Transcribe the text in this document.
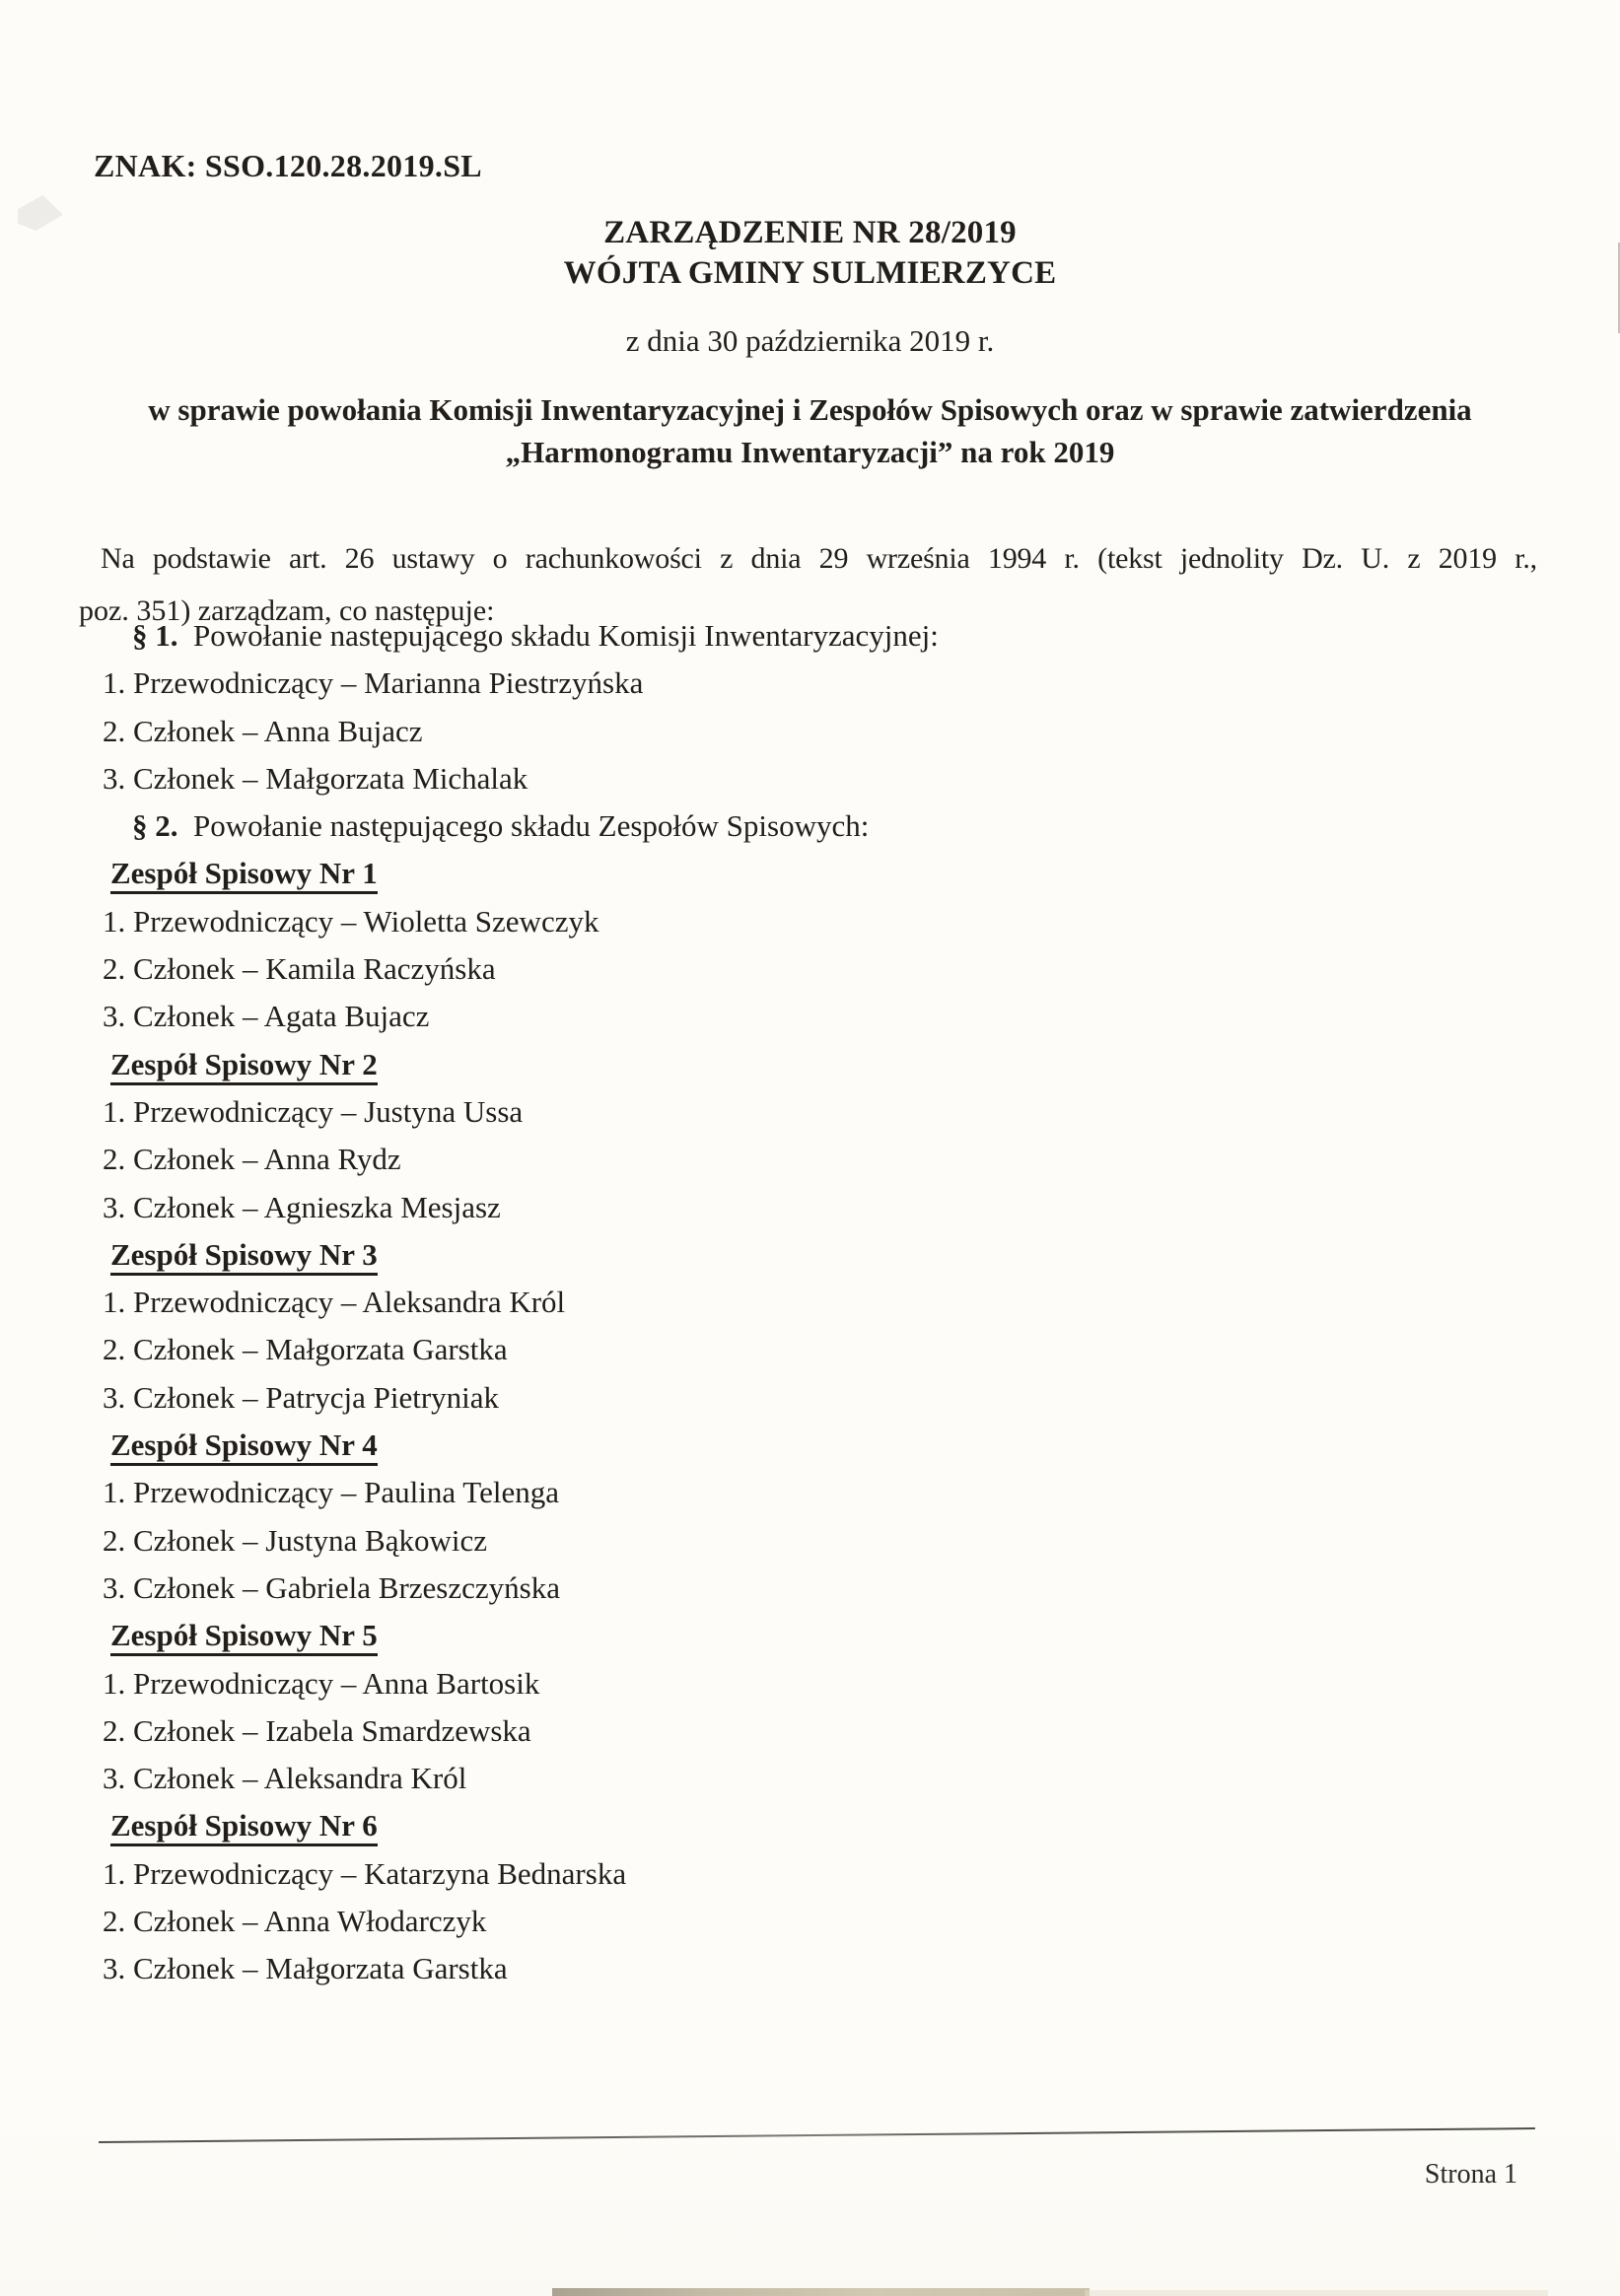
ZNAK: SSO.120.28.2019.SL
ZARZĄDZENIE NR 28/2019
WÓJTA GMINY SULMIERZYCE
z dnia 30 października 2019 r.
w sprawie powołania Komisji Inwentaryzacyjnej i Zespołów Spisowych oraz w sprawie zatwierdzenia
„Harmonogramu Inwentaryzacji” na rok 2019
Na podstawie art. 26 ustawy o rachunkowości z dnia 29 września 1994 r. (tekst jednolity Dz. U. z 2019 r.,
poz. 351) zarządzam, co następuje:
§ 1. Powołanie następującego składu Komisji Inwentaryzacyjnej:
1. Przewodniczący – Marianna Piestrzyńska
2. Członek – Anna Bujacz
3. Członek – Małgorzata Michalak
§ 2. Powołanie następującego składu Zespołów Spisowych:
Zespół Spisowy Nr 1
1. Przewodniczący – Wioletta Szewczyk
2. Członek – Kamila Raczyńska
3. Członek – Agata Bujacz
Zespół Spisowy Nr 2
1. Przewodniczący – Justyna Ussa
2. Członek – Anna Rydz
3. Członek – Agnieszka Mesjasz
Zespół Spisowy Nr 3
1. Przewodniczący – Aleksandra Król
2. Członek – Małgorzata Garstka
3. Członek – Patrycja Pietryniak
Zespół Spisowy Nr 4
1. Przewodniczący – Paulina Telenga
2. Członek – Justyna Bąkowicz
3. Członek – Gabriela Brzeszczyńska
Zespół Spisowy Nr 5
1. Przewodniczący – Anna Bartosik
2. Członek – Izabela Smardzewska
3. Członek – Aleksandra Król
Zespół Spisowy Nr 6
1. Przewodniczący – Katarzyna Bednarska
2. Członek – Anna Włodarczyk
3. Członek – Małgorzata Garstka
Strona 1
